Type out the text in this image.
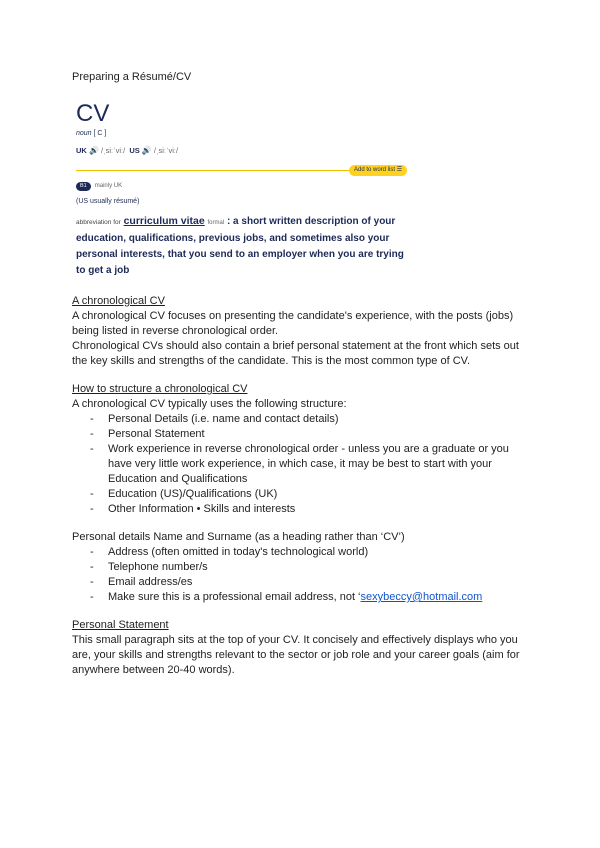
Preparing a Résumé/CV
CV
noun [ C ]
UK 🔊 /ˌsiːˈviː/ US 🔊 /ˌsiːˈviː/
Add to word list ☰
B1 mainly UK
(US usually résumé)
abbreviation for curriculum vitae formal : a short written description of your education, qualifications, previous jobs, and sometimes also your personal interests, that you send to an employer when you are trying to get a job
A chronological CV
A chronological CV focuses on presenting the candidate's experience, with the posts (jobs)
being listed in reverse chronological order.
Chronological CVs should also contain a brief personal statement at the front which sets out
the key skills and strengths of the candidate. This is the most common type of CV.
How to structure a chronological CV
A chronological CV typically uses the following structure:
- Personal Details (i.e. name and contact details)
- Personal Statement
- Work experience in reverse chronological order - unless you are a graduate or you
have very little work experience, in which case, it may be best to start with your
Education and Qualifications
- Education (US)/Qualifications (UK)
- Other Information • Skills and interests
Personal details Name and Surname (as a heading rather than ‘CV’)
- Address (often omitted in today's technological world)
- Telephone number/s
- Email address/es
- Make sure this is a professional email address, not ‘sexybeccy@hotmail.com
Personal Statement
This small paragraph sits at the top of your CV. It concisely and effectively displays who you
are, your skills and strengths relevant to the sector or job role and your career goals (aim for
anywhere between 20-40 words).
